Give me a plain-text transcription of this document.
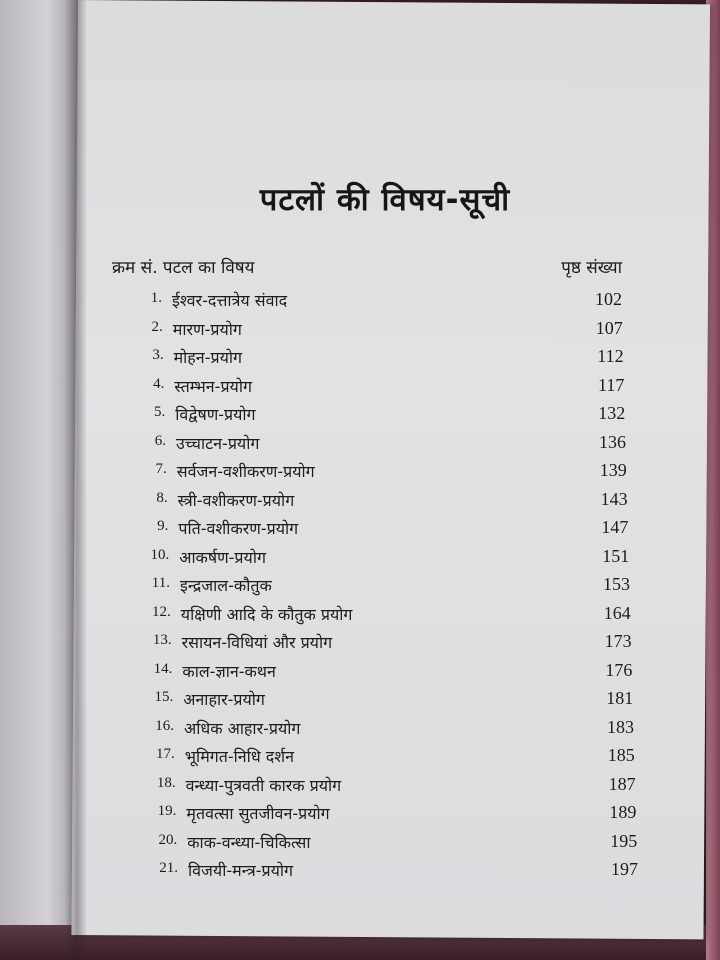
पटलों की विषय-सूची
क्रम सं. पटल का विषय	पृष्ठ संख्या
1. ईश्वर-दत्तात्रेय संवाद	102
2. मारण-प्रयोग	107
3. मोहन-प्रयोग	112
4. स्तम्भन-प्रयोग	117
5. विद्वेषण-प्रयोग	132
6. उच्चाटन-प्रयोग	136
7. सर्वजन-वशीकरण-प्रयोग	139
8. स्त्री-वशीकरण-प्रयोग	143
9. पति-वशीकरण-प्रयोग	147
10. आकर्षण-प्रयोग	151
11. इन्द्रजाल-कौतुक	153
12. यक्षिणी आदि के कौतुक प्रयोग	164
13. रसायन-विधियां और प्रयोग	173
14. काल-ज्ञान-कथन	176
15. अनाहार-प्रयोग	181
16. अधिक आहार-प्रयोग	183
17. भूमिगत-निधि दर्शन	185
18. वन्ध्या-पुत्रवती कारक प्रयोग	187
19. मृतवत्सा सुतजीवन-प्रयोग	189
20. काक-वन्ध्या-चिकित्सा	195
21. विजयी-मन्त्र-प्रयोग	197
